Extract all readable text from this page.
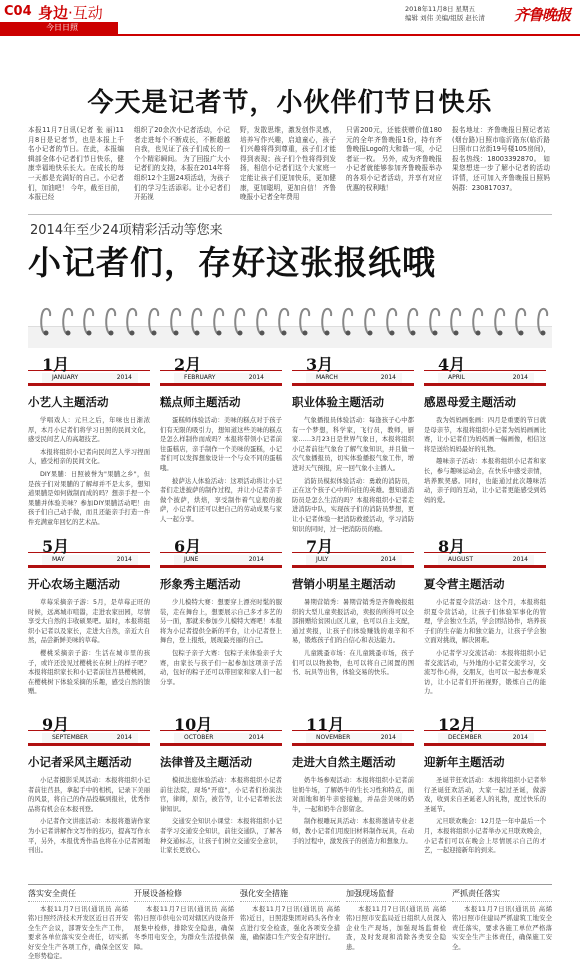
C04 身边·互动
今日日照
2018年11月8日 星期五
编辑 刘伟 美编/组版 赵长清	齐鲁晚报
今天是记者节，小伙伴们节日快乐
本报11月7日讯(记者 张 丽)11月8日是记者节，也是本报上千名小记者的节日。在此，本报编辑部全体小记者们节日快乐，健康幸福地快乐长大。在成长的每一天都是充满好的自己。小记者们，加油吧！ 今年，截至目前，本报已经
组织了20余次小记者活动，小记者走进每个不断成长，不断超越自我，也见证了孩子们成长的一个个精彩瞬间。 为了回报广大小记者们的支持，本报在2014年将组织12个主题24项活动，为孩子们的学习生活添彩。让小记者们开拓视
野，发散思维，激发创作灵感，培养写作兴趣，启迪童心，孩子们兴趣将得到尊重，孩子们才能得到表现；孩子们个性将得到发扬，相信小记者们这个大家庭一定能让孩子们更加快乐，更加健康，更加聪明，更加自信！ 齐鲁晚报小记者全年费用
只需200元，还能获赠价值180元的全年齐鲁晚报1份，持有齐鲁晚报Logo的大和谐一项，小记者证一枚。 另外，成为齐鲁晚报小记者就能够参加齐鲁晚报举办的各项小记者活动，并享有对应优惠的权利哦！
报名地址：齐鲁晚报日照记者站(烟台路)日照市临沂路东(临沂路日照市口岔街19号楼105房间)，报名热线：18003392870。 如果您想进一步了解小记者的活动详情，还可加入齐鲁晚报日照妈妈群：230817037。
2014年至少24项精彩活动等您来
小记者们，存好这张报纸哦
JANUARY	2014
1月
小艺人主题活动

学唱戏人：元旦之后，年味也日渐浓厚，本月小记者们将学习日照的民间文化，感受民间艺人的高超技艺。

本报将组织小记者向民间艺人学习捏面人，感受相亲的民间文化。

DIY果脯：日照被誉为"果脯之乡"，但是孩子们对果脯的了解却并不是太多，想知道果脯是如何做制而成的吗？想亲手捏一个果脯并体验美味？参加DIY果脯活动吧！由孩子们自己动手做，而且还能亲手打造一件件充满童年回忆的艺术品。

FEBRUARY	2014
2月
糕点师主题活动

蛋糕师体验活动：美味的糕点对于孩子们有无限的吸引力，想知道这些美味的糕点是怎么样制作而成吗？本报将带领小记者前往蛋糕店，亲手制作一个美味的蛋糕，小记者们可以发挥想象设计一个与众不同的蛋糕哦。

披萨达人体验活动：这项活动将让小记者们走进披萨的制作过程，并让小记者亲手做个披萨，烘焙，享受制作着气息般的披萨，小记者们还可以把自己的劳动成果与家人一起分享。

MARCH	2014
3月
职业体验主题活动

气象播报员体验活动：每逢孩子心中都有一个梦想，科学家，飞行员，教师，厨家……3月23日是世界气象日，本报将组织小记者前往气象台了解气象知识，并且做一次气象播报员，切实体验播报气象工作，增进对天气预报，应一回气象小主播人。

消防员模拟体验活动：勇敢的消防员，正在这个孩子心中所向往的英雄。想知道消防员是怎么生活的吗？本报将组织小记者走进消防中队，实现孩子们的消防员梦想，更让小记者体验一把消防救援活动，学习消防知识的同时，过一把消防员的瘾。

APRIL	2014
4月
感恩母爱主题活动

我为妈妈画张画：四月是重要的节日就是母亲节，本报将组织小记者为妈妈画画比赛，让小记者们为妈妈画一幅画像，相信这将是送给妈妈最好的礼物。

趣味亲子活动：本报将组织小记者和家长，参与趣味运动会，在快乐中感受亲情，培养默契感。同时，也能通过此次趣味活动，亲子间的互动，让小记者更能感受到妈妈的爱。

MAY	2014
5月
开心农场主题活动

草莓采摘亲子游：5月，是草莓正旺的时候，远离城市喧嚣，走进农家田园，尽情享受大自然的丰收硕果吧。届时，本报将组织小记者以及家长，走进大自然，亲近大自然，品尝新鲜美味的草莓。

樱桃采摘亲子游：生活在城市里的孩子，或许还没见过樱桃长在树上的样子吧？本报将组织家长和小记者前往莒县樱桃园，在樱桃树下体验采摘的乐趣，感受自然的馈赠。

JUNE	2014
6月
形象秀主题活动

少儿模特大赛：想要穿上漂亮时髦的服装，走在舞台上，想要展示自己多才多艺的另一面，那就来参加少儿模特大赛吧！本报将为小记者提供全新的平台，让小记者登上舞台，登上报纸，展现最亮丽的自己。

包粽子亲子大赛：包粽子来体验亲子大赛，由家长与孩子们一起参加这项亲子活动，包好的粽子还可以带回家和家人们一起分享。

JULY	2014
7月
营销小明星主题活动

暑期营销秀：暑期营销秀是齐鲁晚报组织的大型儿童卖报活动，卖报的所得可以全部捐赠给贫困山区儿童，也可以自主支配，通过卖报，让孩子们体验赚钱的艰辛和不易，锻炼孩子们的自信心和表达能力。

儿童跳蚤市场：在儿童跳蚤市场，孩子们可以以物换物，也可以将自己闲置的图书、玩具等出售，体验交易的快乐。

AUGUST	2014
8月
夏令营主题活动

小记者夏令营活动：这个月，本报将组织夏令营活动，让孩子们体验军事化的管理，学会独立生活，学会团结协作，培养孩子们的生存能力和独立能力，让孩子学会独立面对挑战，解决困难。

小记者学习交流活动：本报将组织小记者交流活动，与外地的小记者交流学习，交流写作心得，交朋友，也可以一起去参观采访，让小记者们开拓视野，锻炼自己的能力。

SEPTEMBER	2014
9月
小记者采风主题活动

小记者摄影采风活动：本报将组织小记者前往莒县，拿起手中的相机，记录下美丽的风景，将自己的作品投稿到报社，优秀作品将有机会在本报刊登。

小记者作文讲座活动：本报将邀请作家为小记者讲解作文写作的技巧，提高写作水平，另外，本报优秀作品也将在小记者园地刊出。

OCTOBER	2014
10月
法律普及主题活动

模拟法庭体验活动：本报将组织小记者前往法院，现场"开庭"，小记者们扮演法官，律师，原告，被告等，让小记者增长法律知识。

交通安全知识小课堂：本报将组织小记者学习交通安全知识，前往交通队，了解各种交通标志，让孩子们树立交通安全意识，让家长更放心。

NOVEMBER	2014
11月
走进大自然主题活动

奶牛场参观活动：本报将组织小记者前往奶牛场，了解奶牛的生长习性和特点，面对面地和奶牛亲密接触，并品尝美味的奶牛，一起和奶牛合影留念。

制作根雕玩具活动：本报将邀请专业老师，教小记者们用废旧材料制作玩具，在动手的过程中，激发孩子的创造力和想象力。

DECEMBER	2014
12月
迎新年主题活动

圣诞节狂欢活动：本报将组织小记者举行圣诞狂欢活动，大家一起过圣诞，做游戏，收到来自圣诞老人的礼物，度过快乐的圣诞节。

元旦联欢晚会：12月是一年中最后一个月，本报将组织小记者举办元旦联欢晚会，小记者们可以在晚会上尽情展示自己的才艺，一起迎接新年的到来。

落实安全责任
本报11月7日讯(通讯员 高烯铭)日照经济技术开发区近日召开安全生产会议，部署安全生产工作，要求各单位落实安全责任，切实抓好安全生产各项工作，确保全区安全形势稳定。
开展设备检修
本报11月7日讯(通讯员 高烯铭)日照市供电公司对辖区内设备开展集中检修，排除安全隐患，确保冬季用电安全，为群众生活提供保障。
强化安全措施
本报11月7日讯(通讯员 高烯铭)近日，日照港集团对码头各作业点进行安全检查，强化各项安全措施，确保港口生产安全有序进行。
加强现场监督
本报11月7日讯(通讯员 高烯铭)日照市安监局近日组织人员深入企业生产现场，加强现场监督检查，及时发现和消除各类安全隐患。
严抓责任落实
本报11月7日讯(通讯员 高烯铭)日照市住建局严抓建筑工地安全责任落实，要求各施工单位严格落实安全生产主体责任，确保施工安全。
